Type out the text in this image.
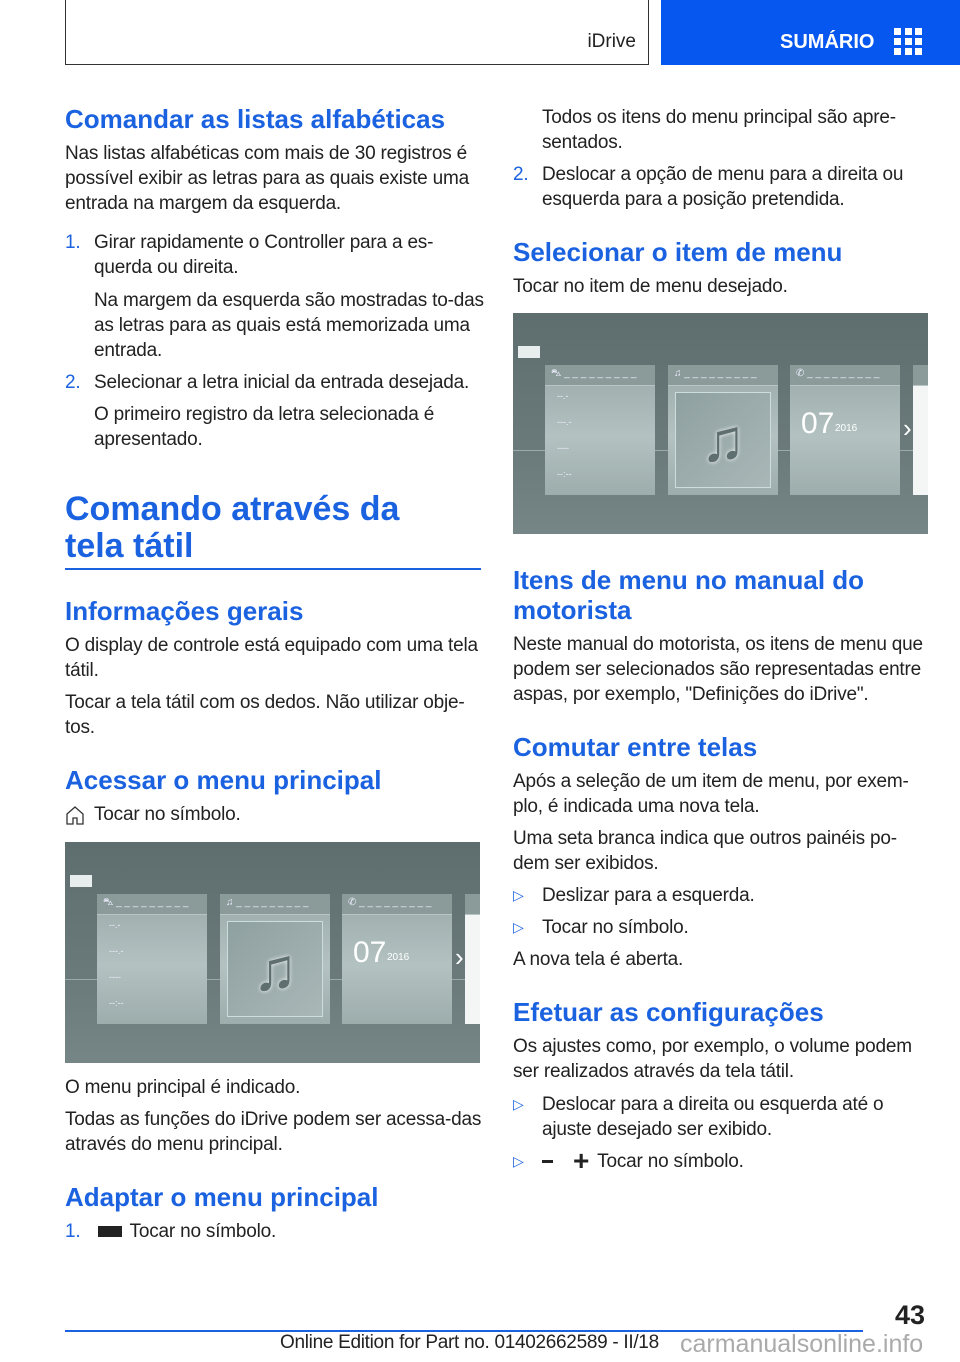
iDrive	SUMÁRIO
Comandar as listas alfabéticas
Nas listas alfabéticas com mais de 30 registros é possível exibir as letras para as quais existe uma entrada na margem da esquerda.
1. Girar rapidamente o Controller para a es-querda ou direita.
Na margem da esquerda são mostradas to-das as letras para as quais está memorizada uma entrada.
2. Selecionar a letra inicial da entrada desejada.
O primeiro registro da letra selecionada é apresentado.
Comando através da tela tátil
Informações gerais
O display de controle está equipado com uma tela tátil.
Tocar a tela tátil com os dedos. Não utilizar obje-tos.
Acessar o menu principal
Tocar no símbolo.
⛍ _ _ _ _ _ _ _ _ _
--.-
---.-
----
--:--
♫ _ _ _ _ _ _ _ _ _
♫
✆ _ _ _ _ _ _ _ _ _
07 2016 ›
O menu principal é indicado.
Todas as funções do iDrive podem ser acessa-das através do menu principal.
Adaptar o menu principal
1.	Tocar no símbolo.
Todos os itens do menu principal são apre-sentados.
2. Deslocar a opção de menu para a direita ou esquerda para a posição pretendida.
Selecionar o item de menu
Tocar no item de menu desejado.
⛍ _ _ _ _ _ _ _ _ _
--.-
---.-
----
--:--
♫ _ _ _ _ _ _ _ _ _
♫
✆ _ _ _ _ _ _ _ _ _
07 2016 ›
Itens de menu no manual do motorista
Neste manual do motorista, os itens de menu que podem ser selecionados são representadas entre aspas, por exemplo, "Definições do iDrive".
Comutar entre telas
Após a seleção de um item de menu, por exem-plo, é indicada uma nova tela.
Uma seta branca indica que outros painéis po-dem ser exibidos.
▷ Deslizar para a esquerda.
▷ Tocar no símbolo.
A nova tela é aberta.
Efetuar as configurações
Os ajustes como, por exemplo, o volume podem ser realizados através da tela tátil.
▷ Deslocar para a direita ou esquerda até o ajuste desejado ser exibido.
▷ + Tocar no símbolo.
43
Online Edition for Part no. 01402662589 - II/18 carmanualsonline.info
